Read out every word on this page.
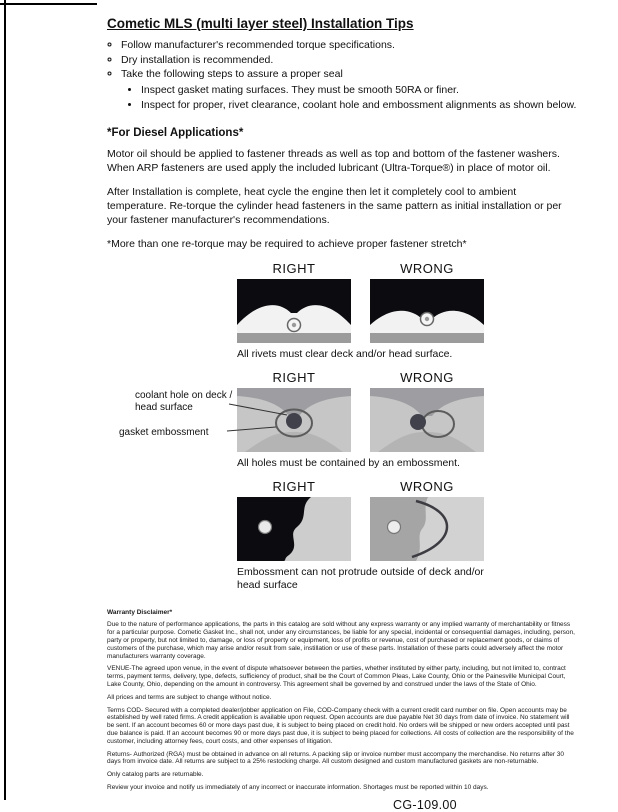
Cometic MLS (multi layer steel) Installation Tips
◦ Follow manufacturer's recommended torque specifications.
◦ Dry installation is recommended.
◦ Take the following steps to assure a proper seal
• Inspect gasket mating surfaces. They must be smooth 50RA or finer.
• Inspect for proper, rivet clearance, coolant hole and embossment alignments as shown below.
*For Diesel Applications*

Motor oil should be applied to fastener threads as well as top and bottom of the fastener washers. When ARP fasteners are used apply the included lubricant (Ultra-Torque®) in place of motor oil.

After Installation is complete, heat cycle the engine then let it completely cool to ambient temperature. Re-torque the cylinder head fasteners in the same pattern as initial installation or per your fastener manufacturer's recommendations.

*More than one re-torque may be required to achieve proper fastener stretch*

RIGHT	WRONG
All rivets must clear deck and/or head surface.
coolant hole on deck / head surface
gasket embossment
RIGHT	WRONG
All holes must be contained by an embossment.
RIGHT	WRONG
Embossment can not protrude outside of deck and/or head surface

Warranty Disclaimer*

Due to the nature of performance applications, the parts in this catalog are sold without any express warranty or any implied warranty of merchantability or fitness for a particular purpose. Cometic Gasket Inc., shall not, under any circumstances, be liable for any special, incidental or consequential damages, including, person, party or property, but not limited to, damage, or loss of property or equipment, loss of profits or revenue, cost of purchased or replacement goods, or claims of customers of the purchase, which may arise and/or result from sale, instillation or use of these parts. Installation of these parts could adversely affect the motor manufacturers warranty coverage.

VENUE-The agreed upon venue, in the event of dispute whatsoever between the parties, whether instituted by either party, including, but not limited to, contract terms, payment terms, delivery, type, defects, sufficiency of product, shall be the Court of Common Pleas, Lake County, Ohio or the Painesville Municipal Court, Lake County, Ohio, depending on the amount in controversy. This agreement shall be governed by and construed under the laws of the State of Ohio.

All prices and terms are subject to change without notice.

Terms COD- Secured with a completed dealer/jobber application on File, COD-Company check with a current credit card number on file. Open accounts may be established by well rated firms. A credit application is available upon request. Open accounts are due payable Net 30 days from date of invoice. No statement will be sent. If an account becomes 60 or more days past due, it is subject to being placed on credit hold. No orders will be shipped or new orders accepted until past due balance is paid. If an account becomes 90 or more days past due, it is subject to being placed for collections. All costs of collection are the responsibility of the customer, including attorney fees, court costs, and other expenses of litigation.

Returns- Authorized (RGA) must be obtained in advance on all returns. A packing slip or invoice number must accompany the merchandise. No returns after 30 days from invoice date. All returns are subject to a 25% restocking charge. All custom designed and custom manufactured gaskets are non-returnable.

Only catalog parts are returnable.

Review your invoice and notify us immediately of any incorrect or inaccurate information. Shortages must be reported within 10 days.

CG-109.00
